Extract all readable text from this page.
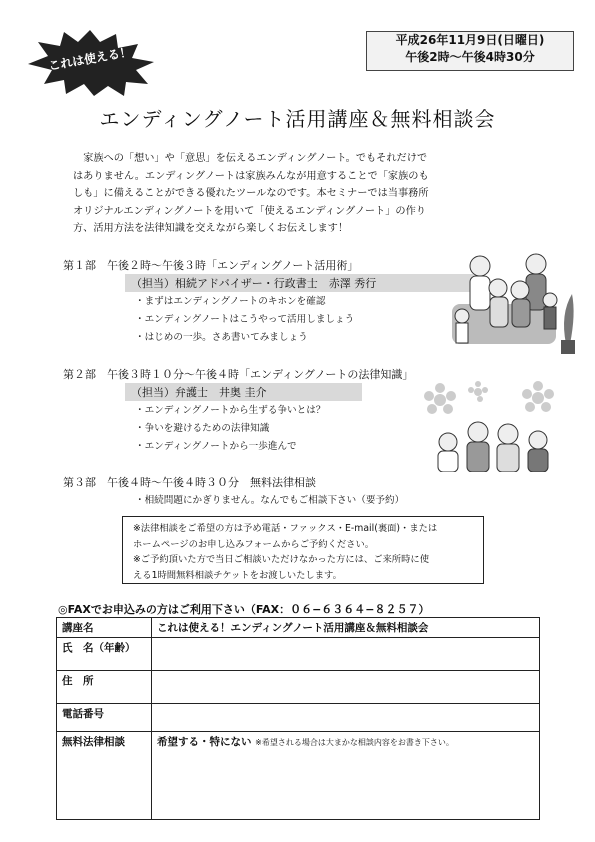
これは使える！
平成26年11月9日(日曜日)
午後2時〜午後4時30分
エンディングノート活用講座＆無料相談会
家族への「想い」や「意思」を伝えるエンディングノート。でもそれだけで
はありません。エンディングノートは家族みんなが用意することで「家族のも
しも」に備えることができる優れたツールなのです。本セミナーでは当事務所
オリジナルエンディングノートを用いて「使えるエンディングノート」の作り
方、活用方法を法律知識を交えながら楽しくお伝えします！
第１部　午後２時〜午後３時「エンディングノート活用術」
（担当）相続アドバイザー・行政書士　赤澤 秀行
・まずはエンディングノートのキホンを確認
・エンディングノートはこうやって活用しましょう
・はじめの一歩。さあ書いてみましょう
第２部　午後３時１０分〜午後４時「エンディングノートの法律知識」
（担当）弁護士　井奥 圭介
・エンディングノートから生ずる争いとは？
・争いを避けるための法律知識
・エンディングノートから一歩進んで
第３部　午後４時〜午後４時３０分　無料法律相談
・相続問題にかぎりません。なんでもご相談下さい（要予約）
※法律相談をご希望の方は予め電話・ファックス・E-mail(裏面)・または
ホームページのお申し込みフォームからご予約ください。
※ご予約頂いた方で当日ご相談いただけなかった方には、ご来所時に使
える1時間無料相談チケットをお渡しいたします。
◎FAXでお申込みの方はご利用下さい（FAX：０６−６３６４−８２５７）
講座名	これは使える！エンディングノート活用講座＆無料相談会
氏　名（年齢）	
住　所	
電話番号	
無料法律相談	希望する・特にない ※希望される場合は大まかな相談内容をお書き下さい。
